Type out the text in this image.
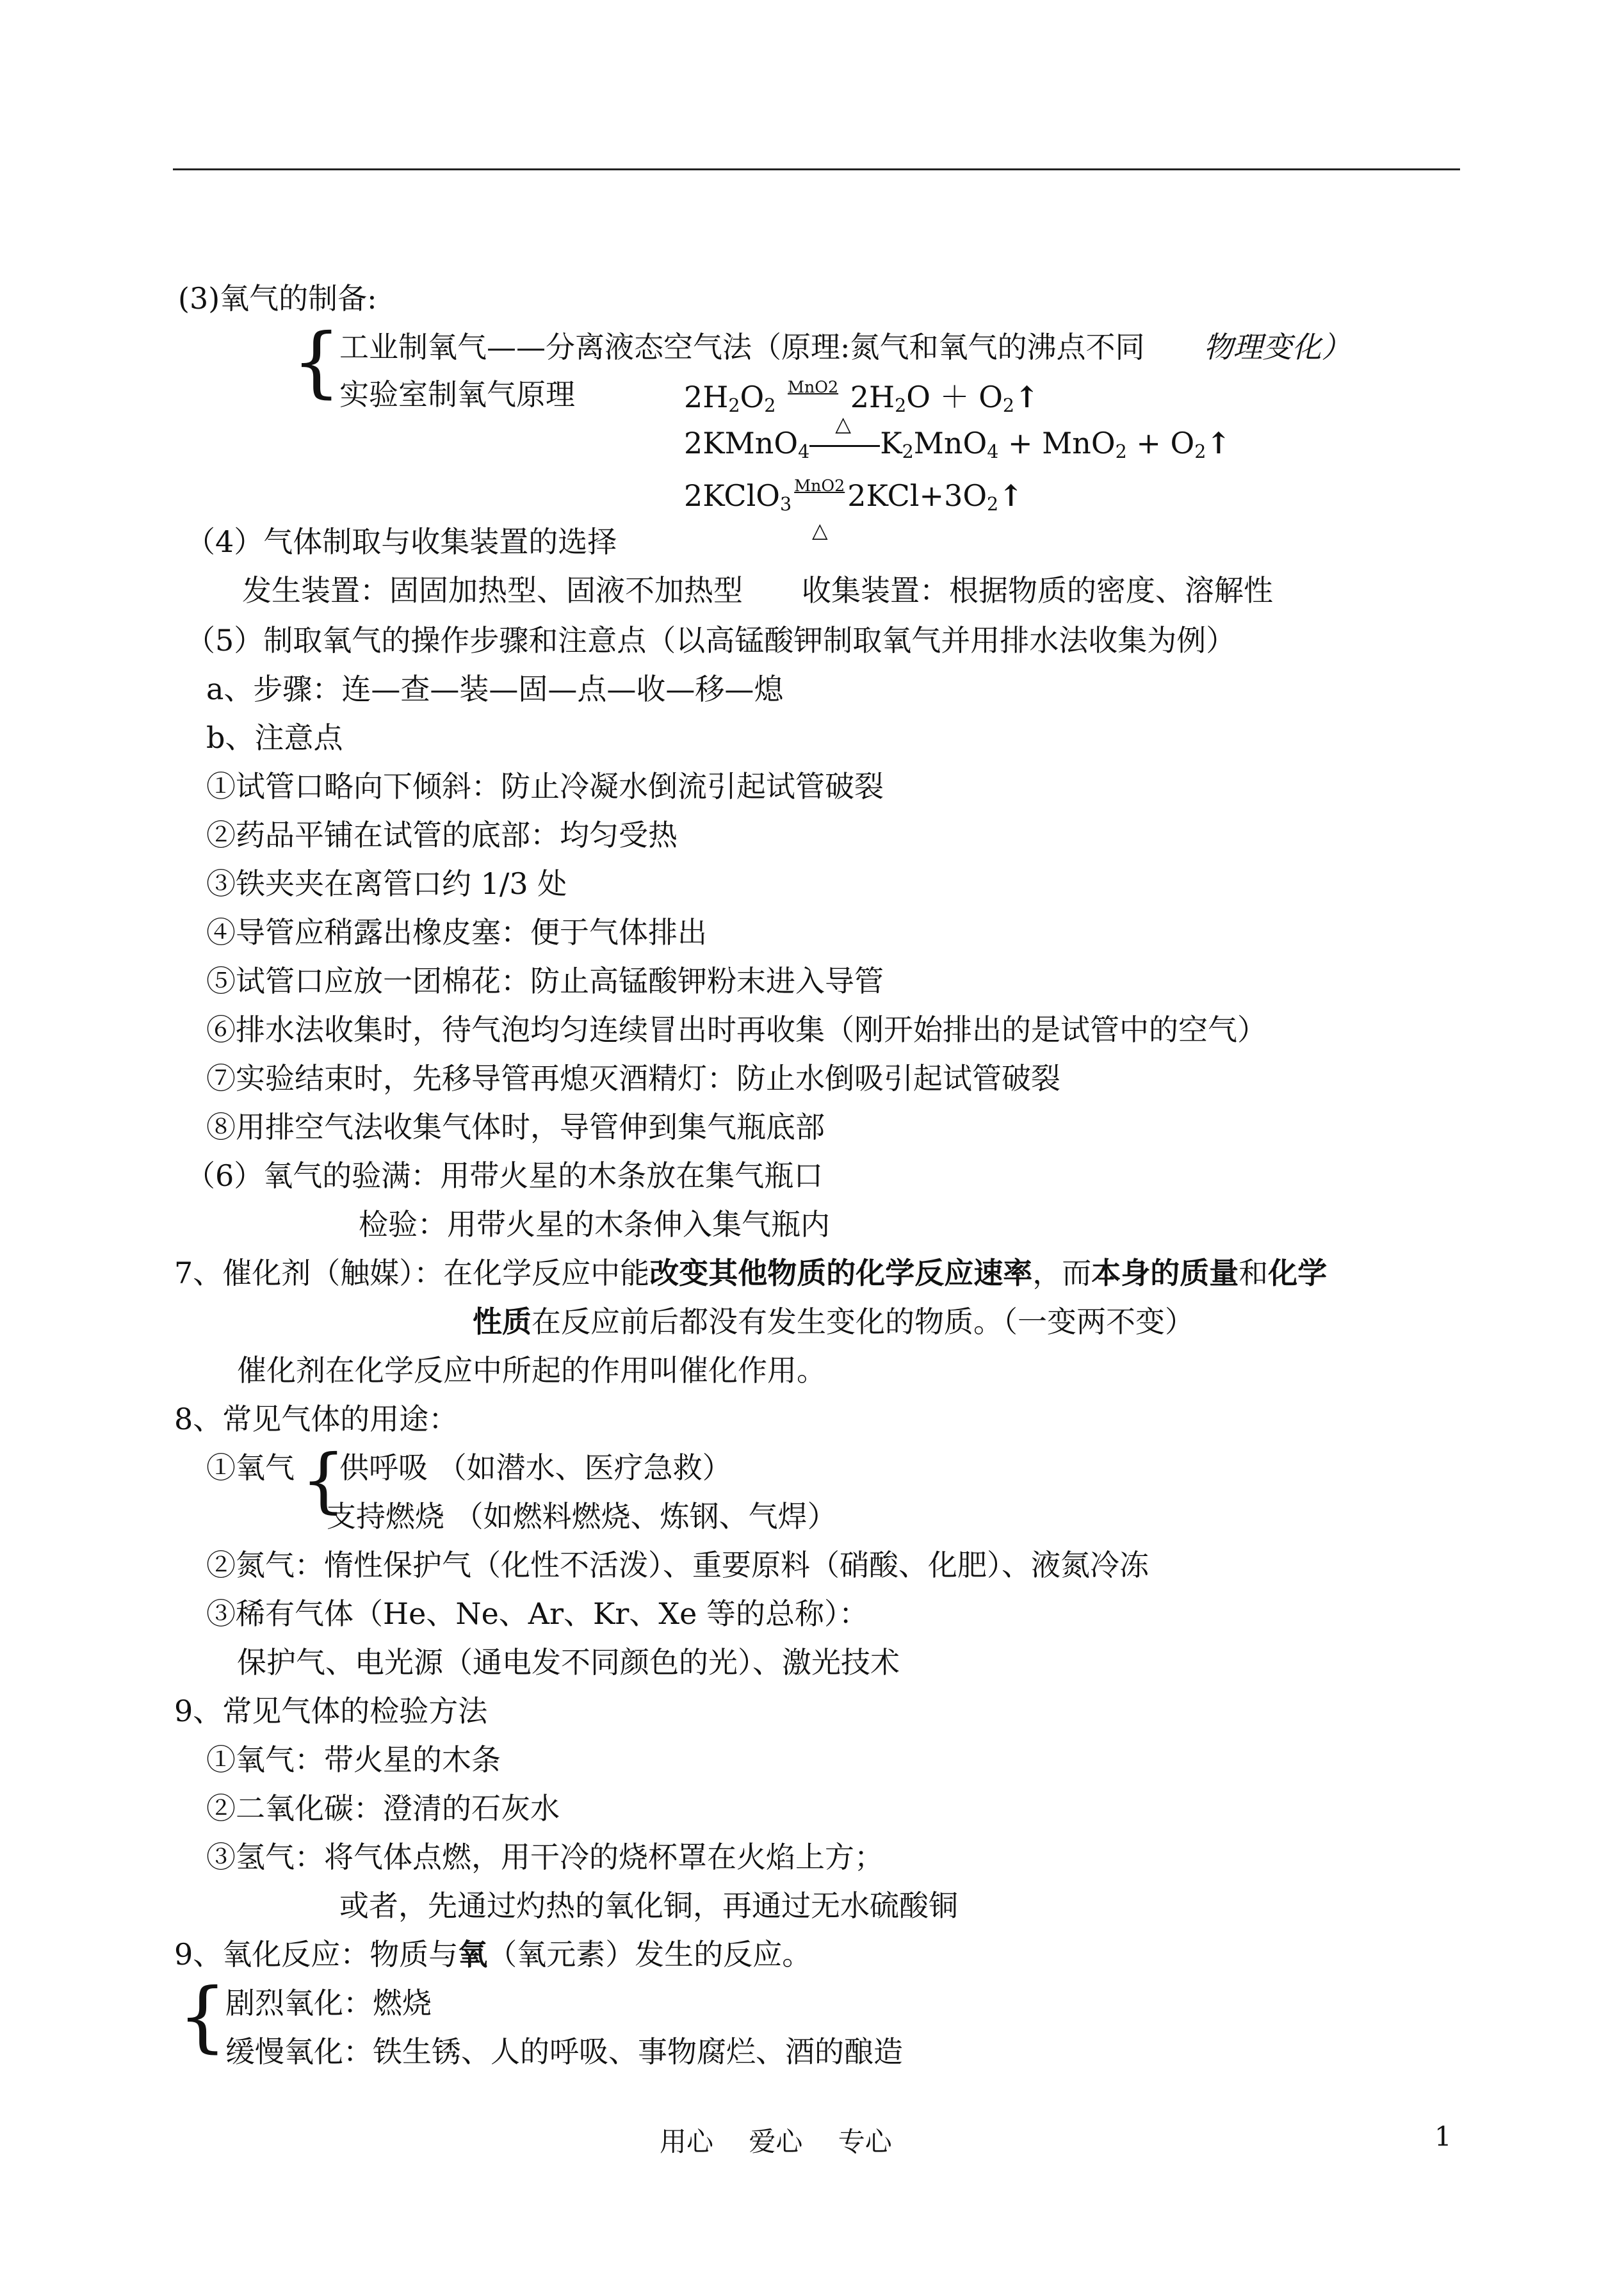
(3)氧气的制备:
{
工业制氧气——分离液态空气法（原理:氮气和氧气的沸点不同　　 物理变化）
实验室制氧气原理	$2H_2O_2$ MnO2 $2H_2O$ ＋ $O_2↑$
2KMnO$_4$
△
$K_2MnO_4 + MnO_2$ + $O_2↑$
$2KClO_3MnO22KCl+3O_2↑$
△
（4）气体制取与收集装置的选择
发生装置：固固加热型、固液不加热型　　 收集装置：根据物质的密度、溶解性
（5）制取氧气的操作步骤和注意点（以高锰酸钾制取氧气并用排水法收集为例）
a、步骤：连—查—装—固—点—收—移—熄
b、注意点
①试管口略向下倾斜：防止冷凝水倒流引起试管破裂
②药品平铺在试管的底部：均匀受热
③铁夹夹在离管口约 1/3 处
④导管应稍露出橡皮塞：便于气体排出
⑤试管口应放一团棉花：防止高锰酸钾粉末进入导管
⑥排水法收集时，待气泡均匀连续冒出时再收集（刚开始排出的是试管中的空气）
⑦实验结束时，先移导管再熄灭酒精灯：防止水倒吸引起试管破裂
⑧用排空气法收集气体时，导管伸到集气瓶底部
（6）氧气的验满：用带火星的木条放在集气瓶口
检验：用带火星的木条伸入集气瓶内
7、催化剂（触媒）：在化学反应中能改变其他物质的化学反应速率，而本身的质量和化学
性质在反应前后都没有发生变化的物质。（一变两不变）
催化剂在化学反应中所起的作用叫催化作用。
8、常见气体的用途：
①氧气 {
供呼吸 （如潜水、医疗急救）
支持燃烧 （如燃料燃烧、炼钢、气焊）
②氮气：惰性保护气（化性不活泼）、重要原料（硝酸、化肥）、液氮冷冻
③稀有气体（He、Ne、Ar、Kr、Xe 等的总称）：
保护气、电光源（通电发不同颜色的光）、激光技术
9、常见气体的检验方法
①氧气：带火星的木条
②二氧化碳：澄清的石灰水
③氢气：将气体点燃，用干冷的烧杯罩在火焰上方；
或者，先通过灼热的氧化铜，再通过无水硫酸铜
9、氧化反应：物质与氧（氧元素）发生的反应。
{
剧烈氧化：燃烧
缓慢氧化：铁生锈、人的呼吸、事物腐烂、酒的酿造
用心　 爱心　 专心	1
